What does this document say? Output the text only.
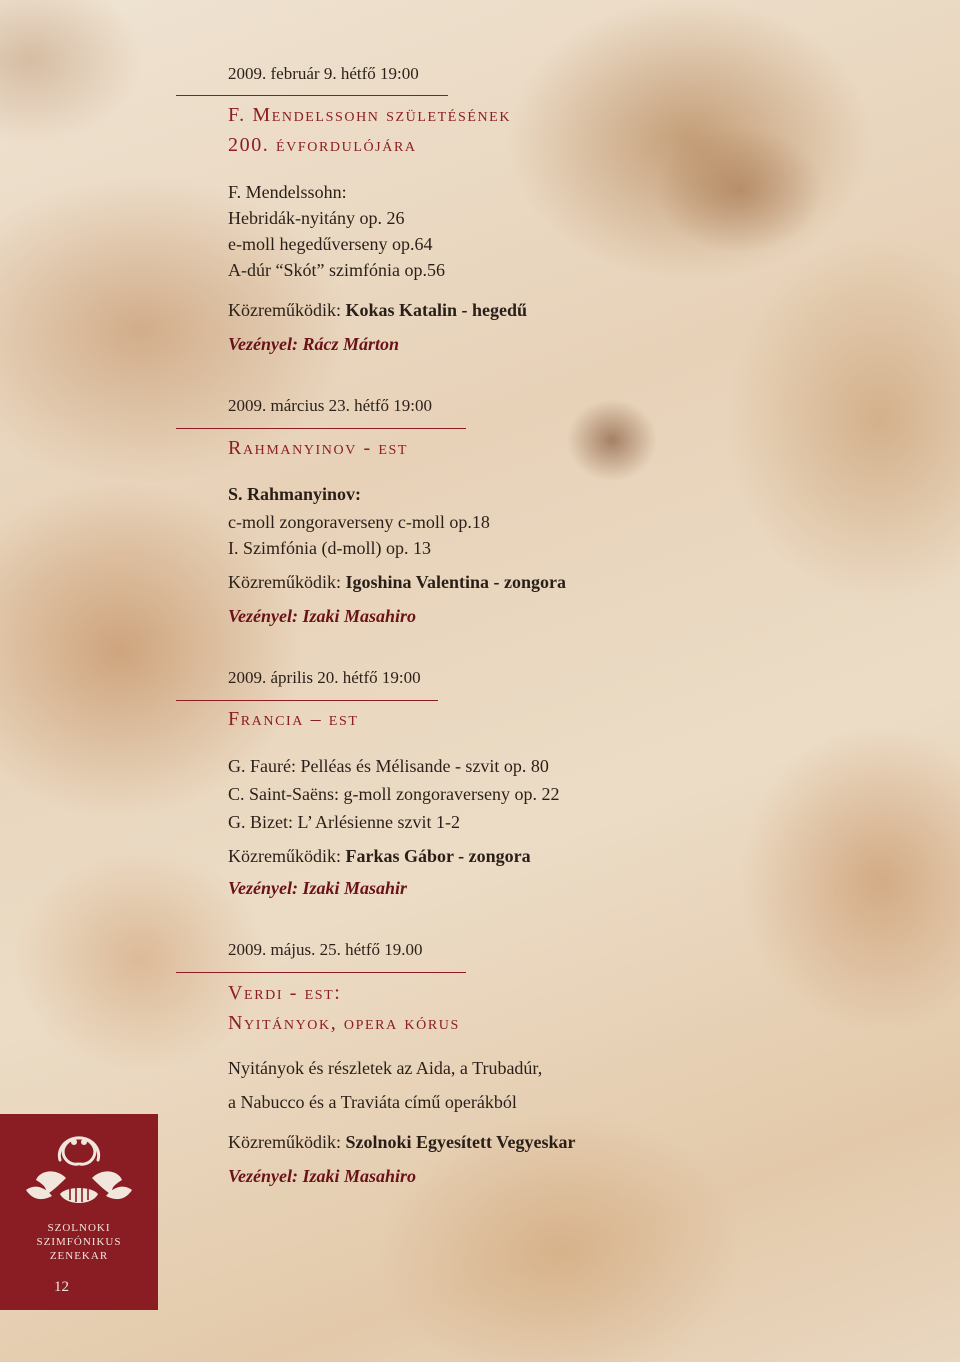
2009. február 9. hétfő 19:00
F. Mendelssohn születésének
200. évfordulójára
F. Mendelssohn:
Hebridák-nyitány op. 26
e-moll hegedűverseny op.64
A-dúr “Skót” szimfónia op.56
Közreműködik: Kokas Katalin - hegedű
Vezényel: Rácz Márton
2009. március 23. hétfő 19:00
Rahmanyinov - est
S. Rahmanyinov:
c-moll zongoraverseny c-moll op.18
I. Szimfónia (d-moll) op. 13
Közreműködik: Igoshina Valentina - zongora
Vezényel: Izaki Masahiro
2009. április 20. hétfő 19:00
Francia – est
G. Fauré: Pelléas és Mélisande - szvit op. 80
C. Saint-Saëns: g-moll zongoraverseny op. 22
G. Bizet: L’ Arlésienne szvit 1-2
Közreműködik: Farkas Gábor - zongora
Vezényel: Izaki Masahir
2009. május. 25. hétfő 19.00
Verdi - est:
Nyitányok, opera kórus
Nyitányok és részletek az Aida, a Trubadúr,
a Nabucco és a Traviáta című operákból
Közreműködik: Szolnoki Egyesített Vegyeskar
Vezényel: Izaki Masahiro
SZOLNOKI
SZIMFÓNIKUS
ZENEKAR
12
